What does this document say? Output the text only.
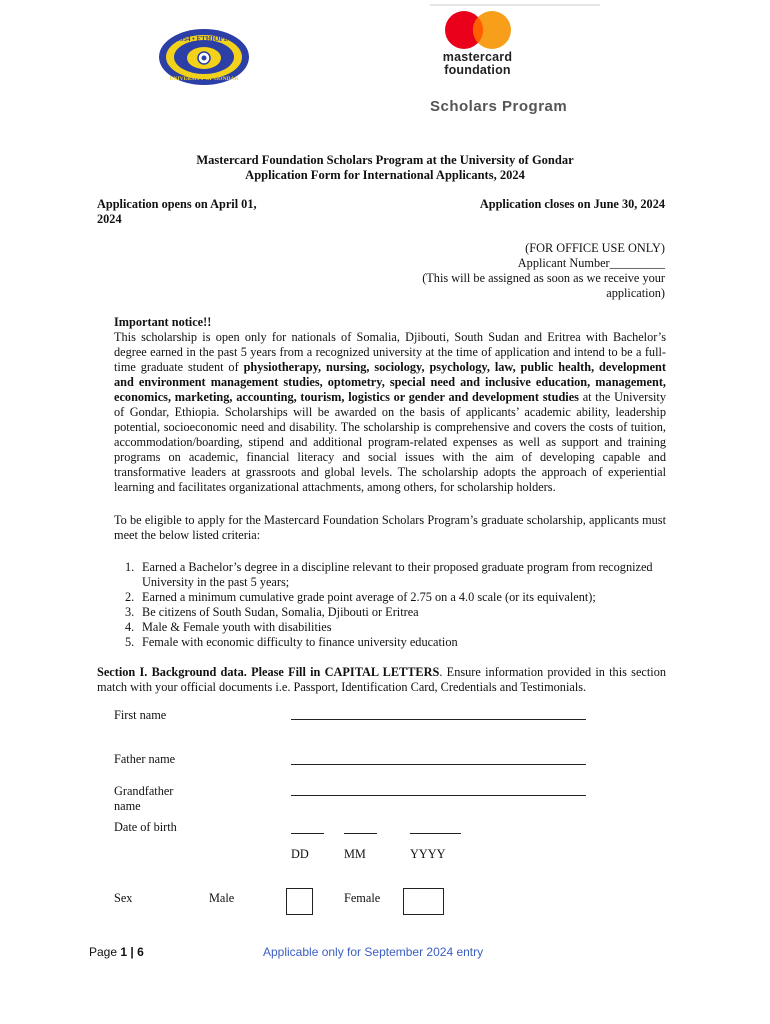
1954 • ETHIOPIA
UNIVERSITY OF GONDAR
mastercard
foundation
Scholars Program
Mastercard Foundation Scholars Program at the University of Gondar
Application Form for International Applicants, 2024
Application opens on April 01,
2024
Application closes on June 30, 2024
(FOR OFFICE USE ONLY)
Applicant Number_________
(This will be assigned as soon as we receive your
application)
Important notice!!

This scholarship is open only for nationals of Somalia, Djibouti, South Sudan and Eritrea with Bachelor’s degree earned in the past 5 years from a recognized university at the time of application and intend to be a full-time graduate student of physiotherapy, nursing, sociology, psychology, law, public health, development and environment management studies, optometry, special need and inclusive education, management, economics, marketing, accounting, tourism, logistics or gender and development studies at the University of Gondar, Ethiopia. Scholarships will be awarded on the basis of applicants’ academic ability, leadership potential, socioeconomic need and disability. The scholarship is comprehensive and covers the costs of tuition, accommodation/boarding, stipend and additional program-related expenses as well as support and training programs on academic, financial literacy and social issues with the aim of developing capable and transformative leaders at grassroots and global levels. The scholarship adopts the approach of experiential learning and facilitates organizational attachments, among others, for scholarship holders.

To be eligible to apply for the Mastercard Foundation Scholars Program’s graduate scholarship, applicants must meet the below listed criteria:

1. Earned a Bachelor’s degree in a discipline relevant to their proposed graduate program from recognized
University in the past 5 years;
2. Earned a minimum cumulative grade point average of 2.75 on a 4.0 scale (or its equivalent);
3. Be citizens of South Sudan, Somalia, Djibouti or Eritrea
4. Male & Female youth with disabilities
5. Female with economic difficulty to finance university education

Section I. Background data. Please Fill in CAPITAL LETTERS. Ensure information provided in this section match with your official documents i.e. Passport, Identification Card, Credentials and Testimonials.

First name
Father name
Grandfather
name
Date of birth
DD	MM	YYYY
Sex	Male	Female
Page 1 | 6	Applicable only for September 2024 entry
